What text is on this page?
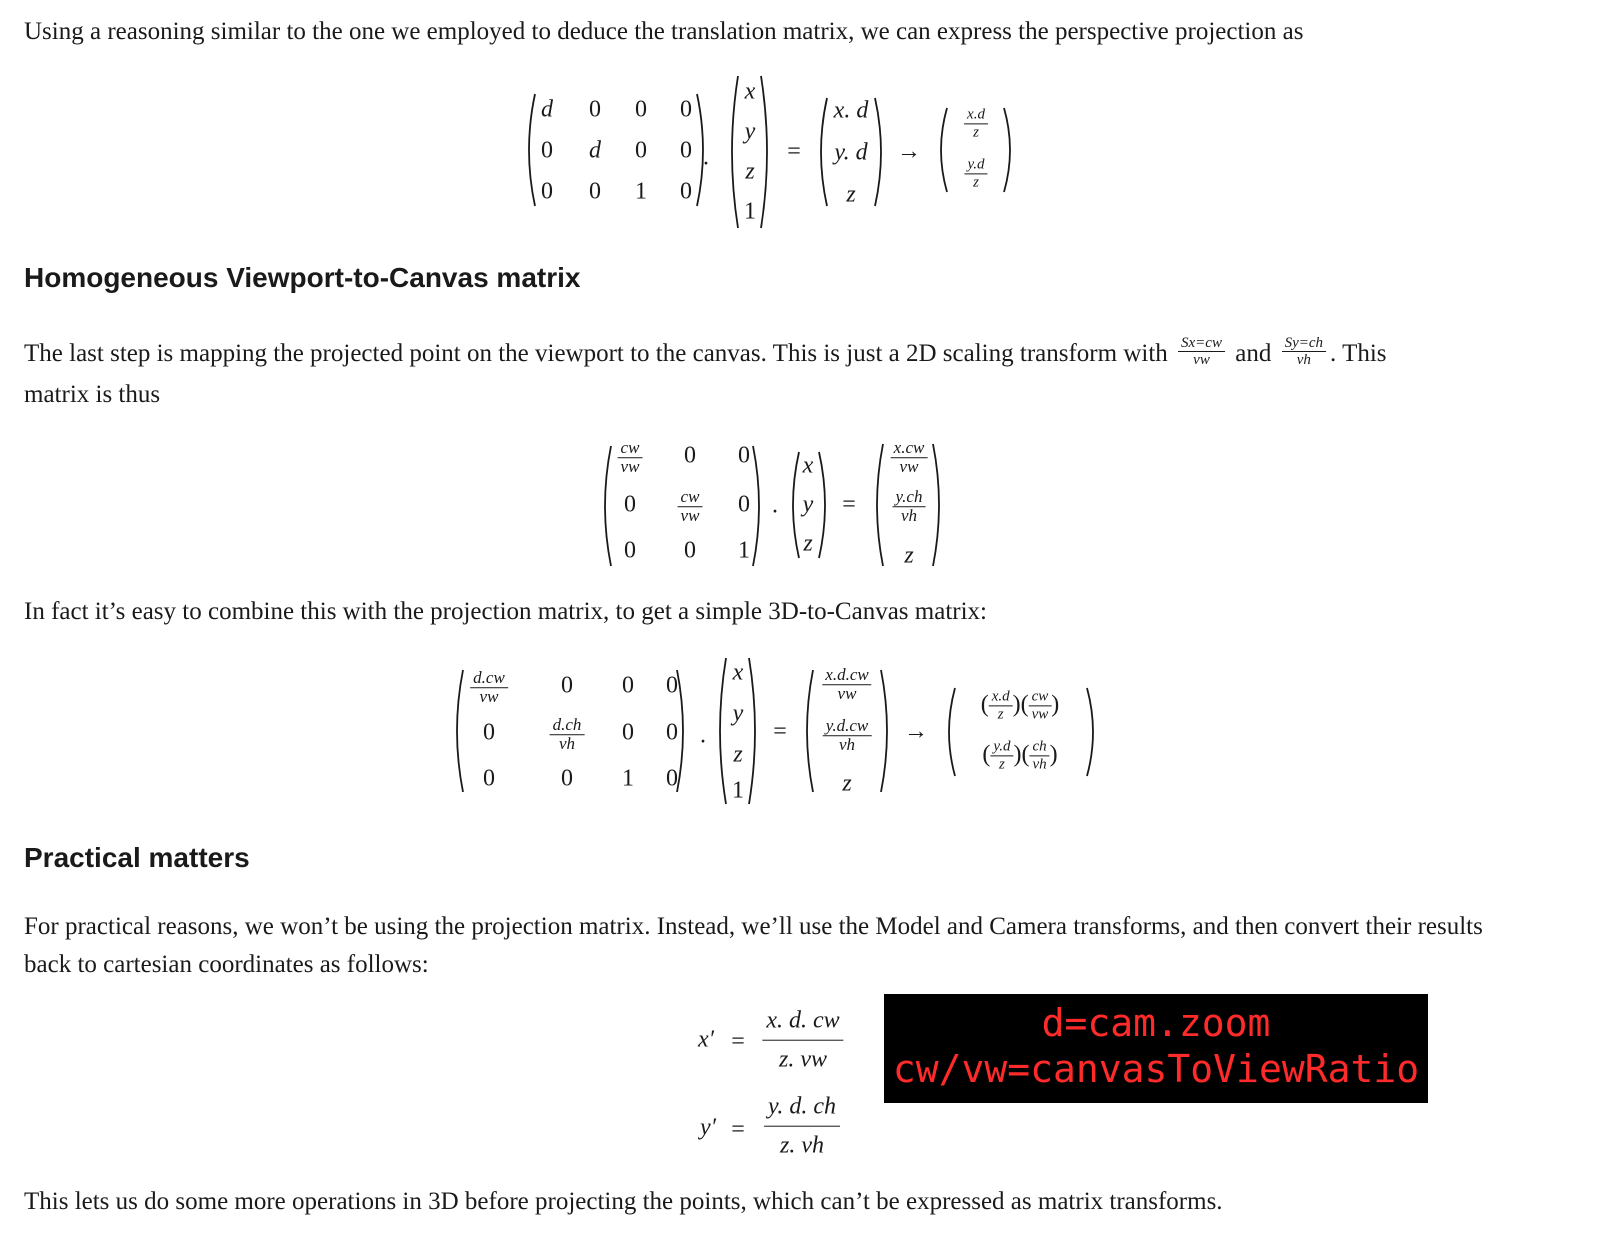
Using a reasoning similar to the one we employed to deduce the translation matrix, we can express the perspective projection as
d 0 0 0
0 d 0 0
0 0 1 0
.
x
y
z
1
=
x. d
y. d
z
→
$\frac{x.d}{z}$
$\frac{y.d}{z}$
Homogeneous Viewport-to-Canvas matrix
The last step is mapping the projected point on the viewport to the canvas. This is just a 2D scaling transform with $\frac{Sx=cw}{vw}$ and $\frac{Sy=ch}{vh}$ . This
matrix is thus
$\frac{cw}{vw} 0$ 0
$0 \frac{cw}{vw} 0$
0 0 1
.
x
y
z
=
$\frac{x.cw}{vw}$
$\frac{y.ch}{vh}$
z
In fact it’s easy to combine this with the projection matrix, to get a simple 3D-to-Canvas matrix:
$\frac{d.cw}{vw} 0$ 0 0
0	$\frac{d.ch}{vh} 0$ 0
0	0 1 0
.
x
y
z
1
=
$\frac{x.d.cw}{vw}$
$\frac{y.d.cw}{vh}$
z
→
( $\frac{x.d}{z}$ )( $\frac{cw}{vw}$ )
( $\frac{y.d}{z}$ )( $\frac{ch}{vh}$ )
Practical matters
For practical reasons, we won’t be using the projection matrix. Instead, we’ll use the Model and Camera transforms, and then convert their results back to cartesian coordinates as follows:
$x' = \frac{x. d. cw}{z. vw}$
$y' = \frac{y. d. ch}{z. vh}$
d=cam.zoom
cw/vw=canvasToViewRatio
This lets us do some more operations in 3D before projecting the points, which can’t be expressed as matrix transforms.
